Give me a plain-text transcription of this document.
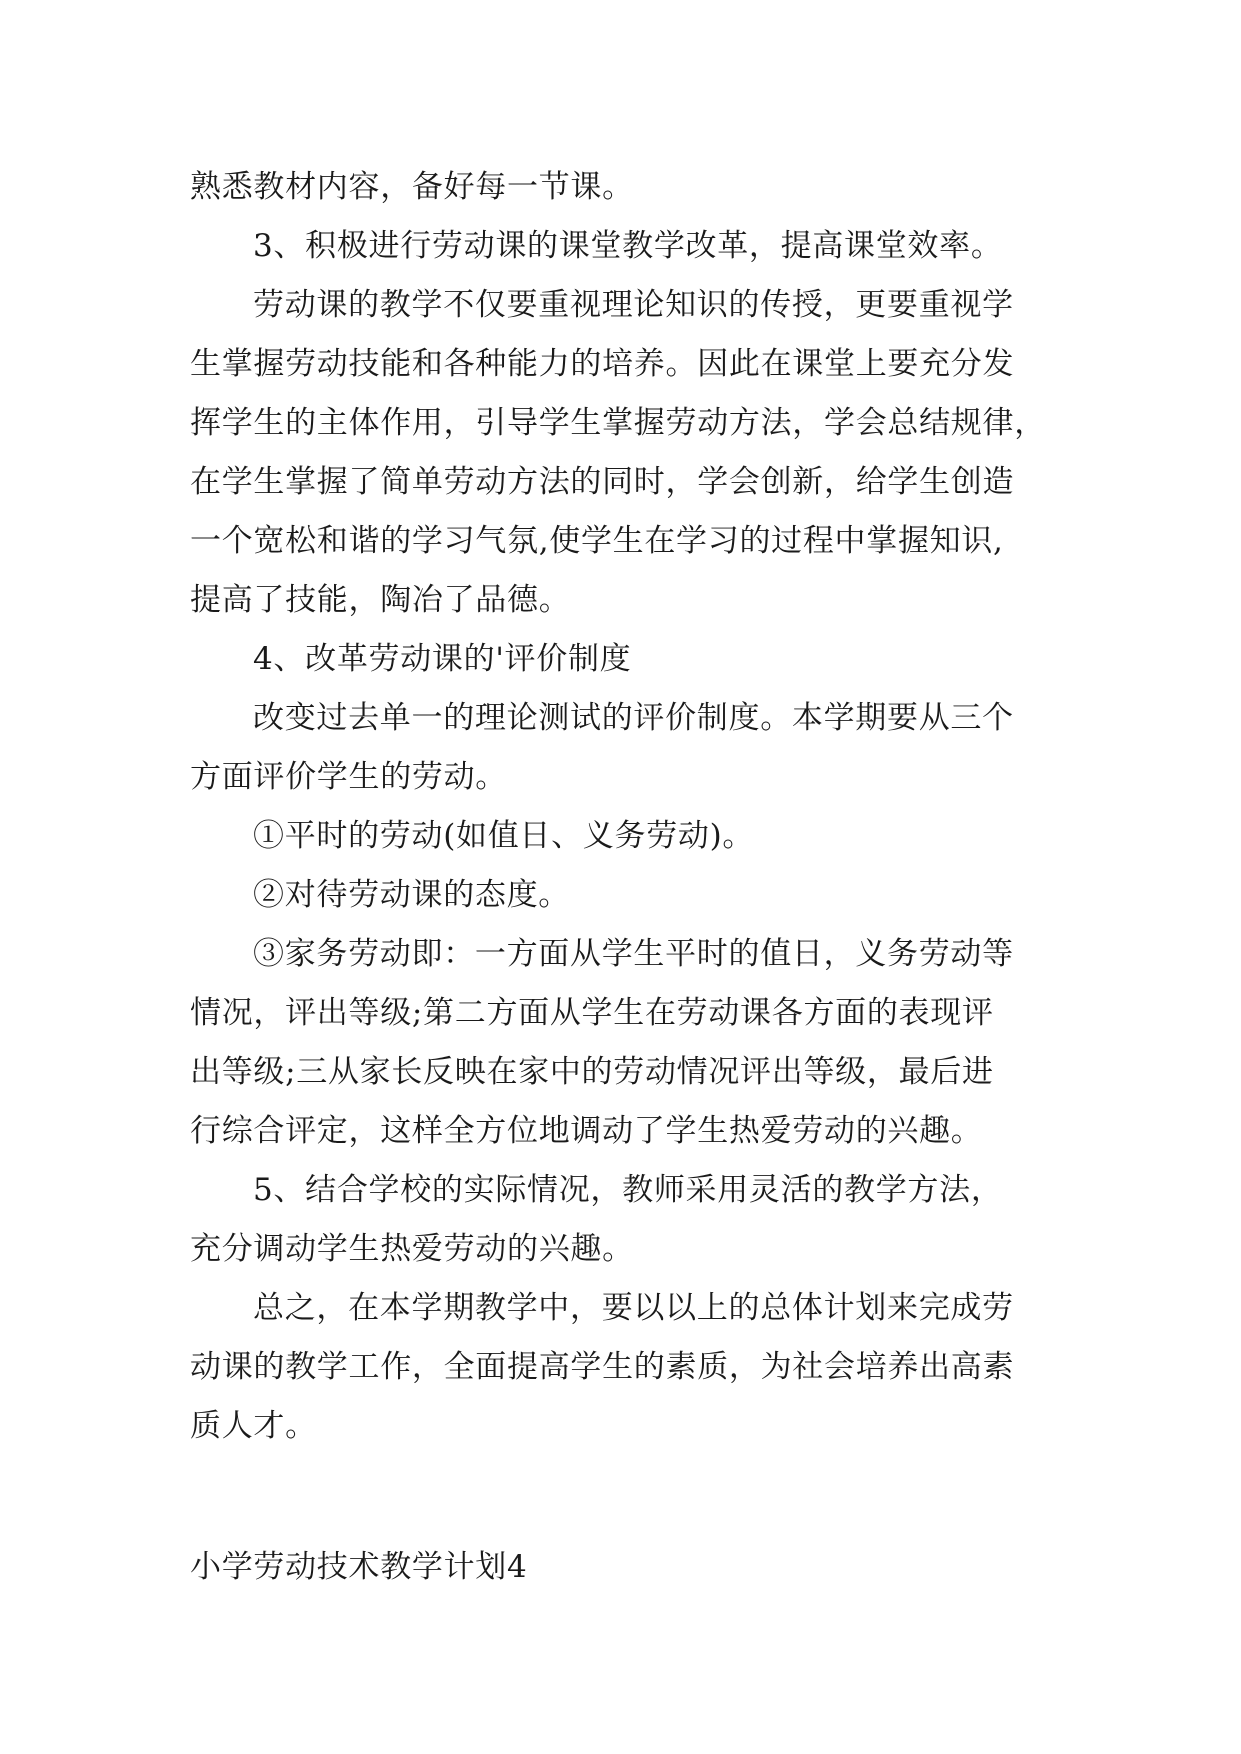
熟悉教材内容，备好每一节课。
3、积极进行劳动课的课堂教学改革，提高课堂效率。
劳动课的教学不仅要重视理论知识的传授，更要重视学
生掌握劳动技能和各种能力的培养。因此在课堂上要充分发
挥学生的主体作用，引导学生掌握劳动方法，学会总结规律，
在学生掌握了简单劳动方法的同时，学会创新，给学生创造
一个宽松和谐的学习气氛,使学生在学习的过程中掌握知识,
提高了技能，陶冶了品德。
4、改革劳动课的'评价制度
改变过去单一的理论测试的评价制度。本学期要从三个
方面评价学生的劳动。
①平时的劳动(如值日、义务劳动)。
②对待劳动课的态度。
③家务劳动即：一方面从学生平时的值日，义务劳动等
情况，评出等级;第二方面从学生在劳动课各方面的表现评
出等级;三从家长反映在家中的劳动情况评出等级，最后进
行综合评定，这样全方位地调动了学生热爱劳动的兴趣。
5、结合学校的实际情况，教师采用灵活的教学方法，
充分调动学生热爱劳动的兴趣。
总之，在本学期教学中，要以以上的总体计划来完成劳
动课的教学工作，全面提高学生的素质，为社会培养出高素
质人才。
小学劳动技术教学计划4
